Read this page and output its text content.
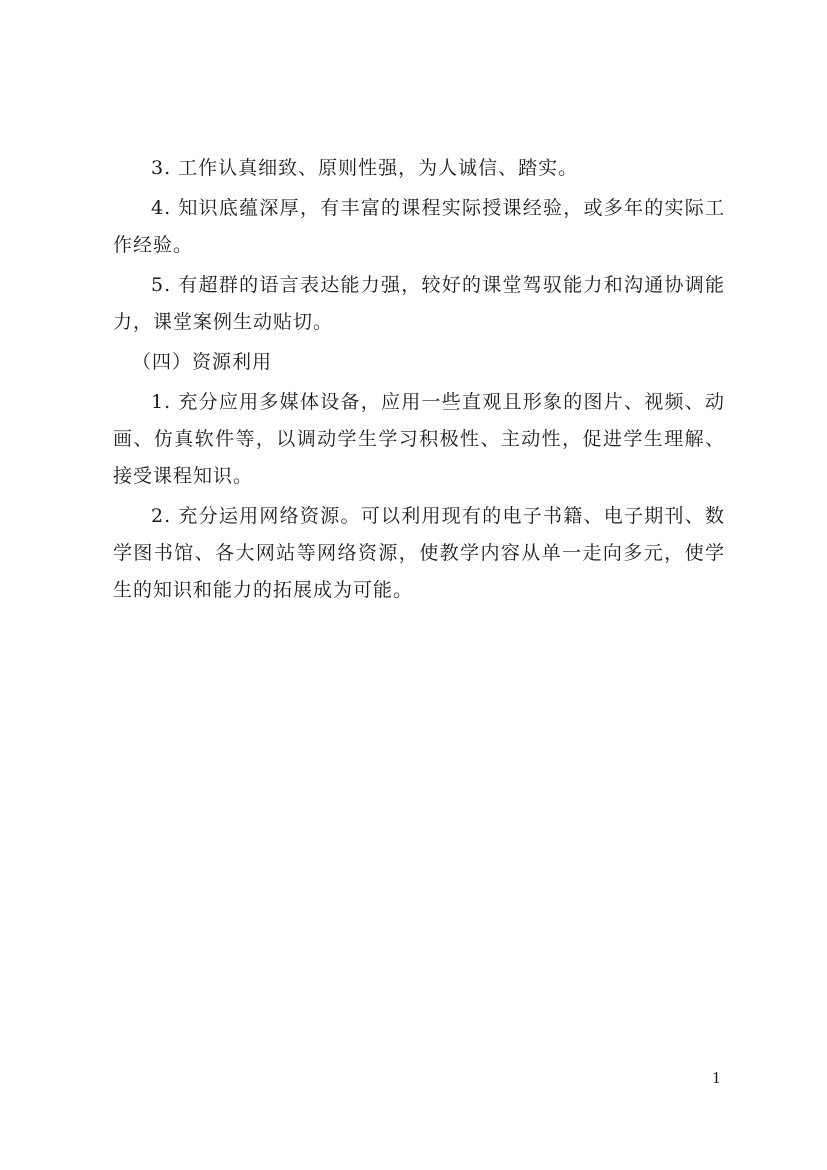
3. 工作认真细致、原则性强，为人诚信、踏实。

4. 知识底蕴深厚，有丰富的课程实际授课经验，或多年的实际工作经验。

5. 有超群的语言表达能力强，较好的课堂驾驭能力和沟通协调能力，课堂案例生动贴切。

（四）资源利用

1. 充分应用多媒体设备，应用一些直观且形象的图片、视频、动画、仿真软件等，以调动学生学习积极性、主动性，促进学生理解、接受课程知识。

2. 充分运用网络资源。可以利用现有的电子书籍、电子期刊、数学图书馆、各大网站等网络资源，使教学内容从单一走向多元，使学生的知识和能力的拓展成为可能。

1
